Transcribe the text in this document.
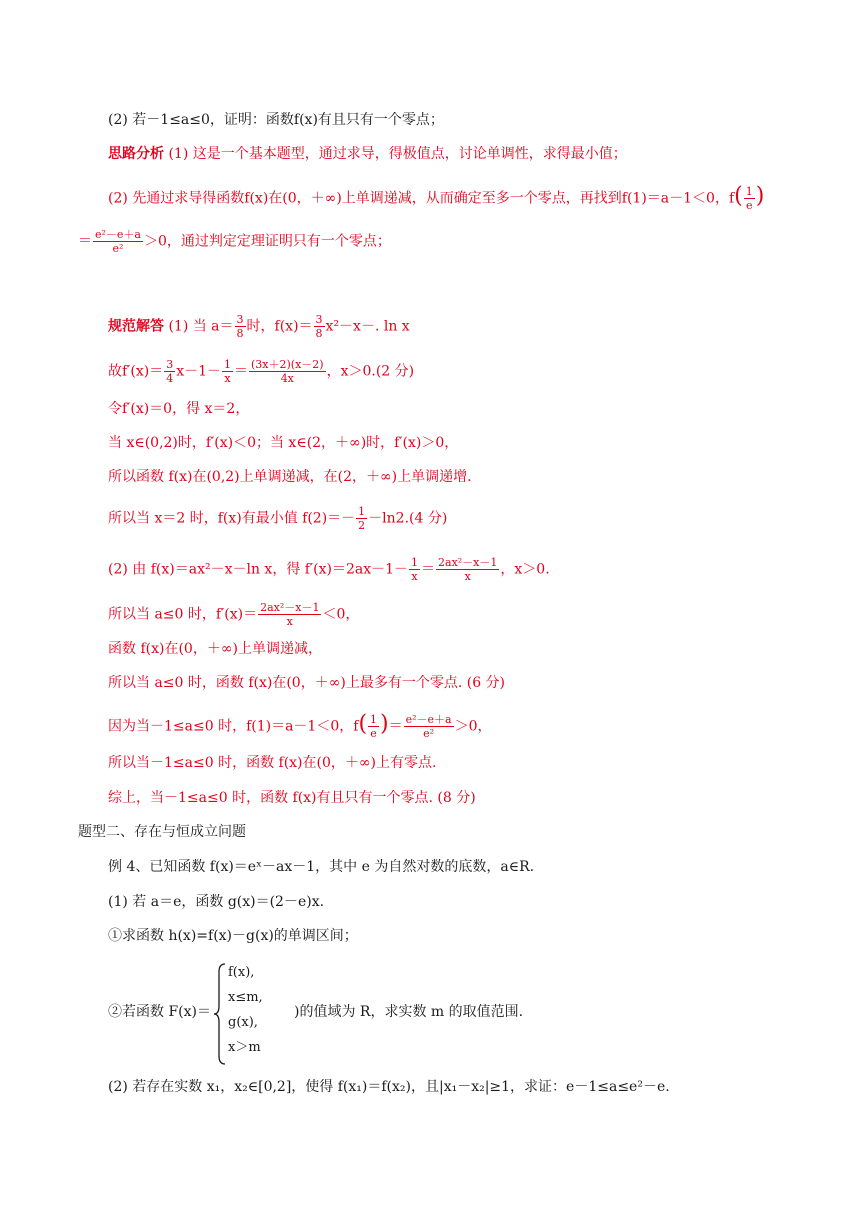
(2) 若－1≤a≤0，证明：函数f(x)有且只有一个零点；
思路分析 (1) 这是一个基本题型，通过求导，得极值点，讨论单调性，求得最小值；
(2) 先通过求导得函数f(x)在(0，＋∞)上单调递减，从而确定至多一个零点，再找到f(1)＝a－1＜0，$f( \frac{1}{e}$ )
＝ $\frac{\text{e²－e＋a}}{\text{e²}} >0$，通过判定定理证明只有一个零点；
规范解答 (1) 当 $a= \frac{3}{8}$ 时，$f(x)= \frac{3}{8} x^2-x-$. ln x
故$f'(x)= \frac{3}{4} x-1- \frac{1}{x} = \frac{(3x+2)(x-2)}{4x}$ ，x＞0.(2 分)
令f′(x)＝0，得 x＝2，
当 x∈(0,2)时，f′(x)＜0；当 x∈(2，＋∞)时，f′(x)＞0，
所以函数 f(x)在(0,2)上单调递减，在(2，＋∞)上单调递增.
所以当 x＝2 时，f(x)有最小值 $f(2)=- \frac{1}{2} -\ln 2.(4$ 分)
(2) 由 f(x)＝ax²－x－ln x，得 $f'(x)=2ax-1- \frac{1}{x} = \frac{\text{2ax²－x－1}}{x}$ ，x＞0.
所以当 a≤0 时，$f'(x)= \frac{\text{2ax²－x－1}}{x} <0$，
函数 f(x)在(0，＋∞)上单调递减，
所以当 a≤0 时，函数 f(x)在(0，＋∞)上最多有一个零点. (6 分)
因为当－1≤a≤0 时，f(1)＝a－1＜0，$f( \frac{1}{e}$ )＝ $\frac{\text{e²－e＋a}}{\text{e²}} >0$，
所以当－1≤a≤0 时，函数 f(x)在(0，＋∞)上有零点.
综上，当－1≤a≤0 时，函数 f(x)有且只有一个零点. (8 分)
题型二、存在与恒成立问题
例 4、已知函数 f(x)＝eˣ－ax－1，其中 e 为自然对数的底数，a∈R.
(1) 若 a＝e，函数 g(x)＝(2－e)x.
①求函数 h(x)=f(x)－g(x)的单调区间；
②若函数 F(x)＝
f(x),
x≤m,
g(x),
x＞m
)的值域为 R，求实数 m 的取值范围.
(2) 若存在实数 x₁，x₂∈[0,2]，使得 f(x₁)＝f(x₂)，且|x₁－x₂|≥1，求证：e－1≤a≤e²－e.
